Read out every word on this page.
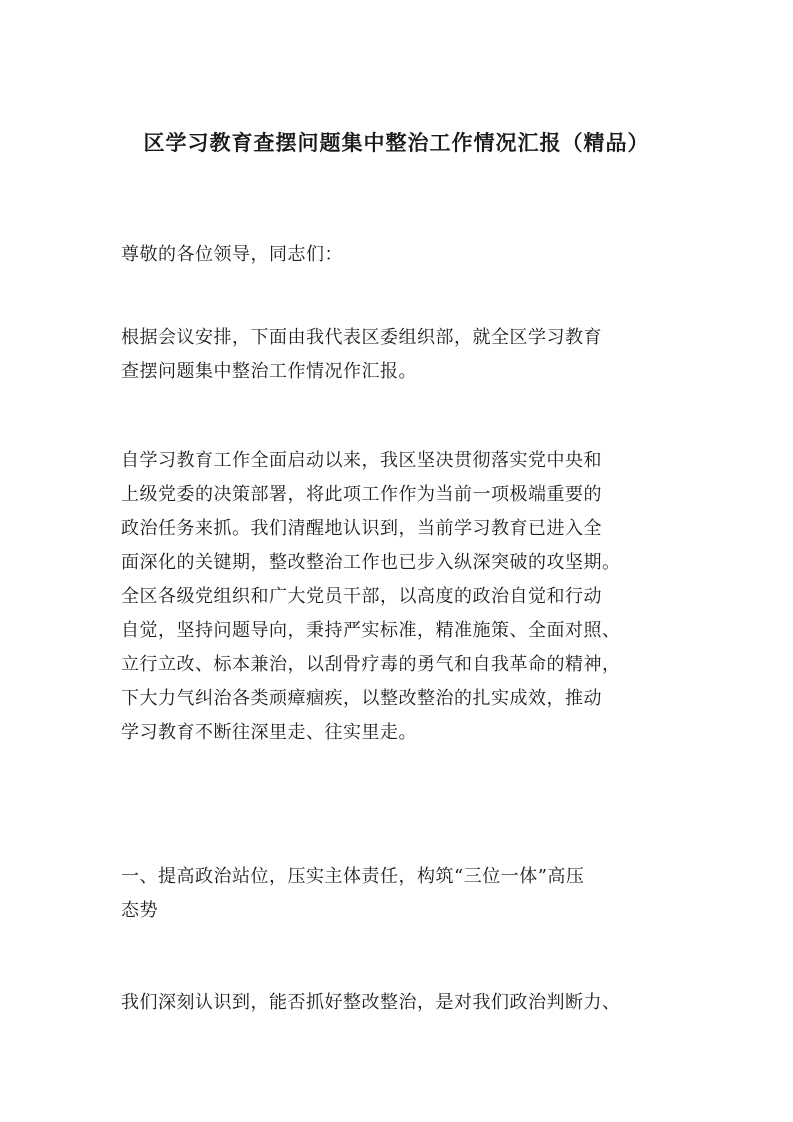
区学习教育查摆问题集中整治工作情况汇报（精品）
尊敬的各位领导，同志们：
根据会议安排，下面由我代表区委组织部，就全区学习教育
查摆问题集中整治工作情况作汇报。
自学习教育工作全面启动以来，我区坚决贯彻落实党中央和
上级党委的决策部署，将此项工作作为当前一项极端重要的
政治任务来抓。我们清醒地认识到，当前学习教育已进入全
面深化的关键期，整改整治工作也已步入纵深突破的攻坚期。
全区各级党组织和广大党员干部，以高度的政治自觉和行动
自觉，坚持问题导向，秉持严实标准，精准施策、全面对照、
立行立改、标本兼治，以刮骨疗毒的勇气和自我革命的精神，
下大力气纠治各类顽瘴痼疾，以整改整治的扎实成效，推动
学习教育不断往深里走、往实里走。
一、提高政治站位，压实主体责任，构筑“三位一体”高压
态势
我们深刻认识到，能否抓好整改整治，是对我们政治判断力、
